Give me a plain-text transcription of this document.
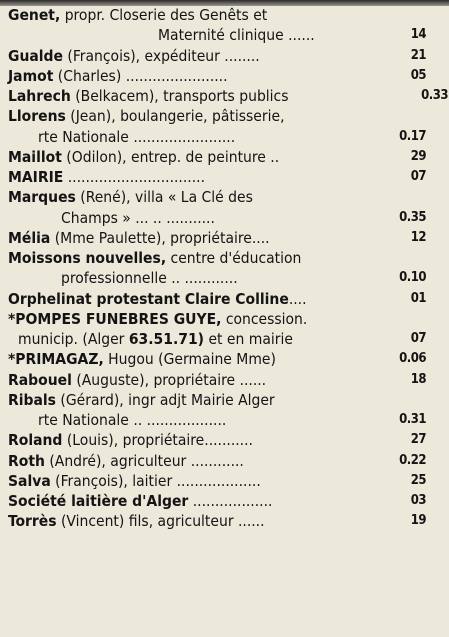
Genet, propr. Closerie des Genêts et
Maternité clinique ......	14
Gualde (François), expéditeur ........	21
Jamot (Charles) .......................	05
Lahrech (Belkacem), transports publics	0.33
Llorens (Jean), boulangerie, pâtisserie,
rte Nationale .......................	0.17
Maillot (Odilon), entrep. de peinture ..	29
MAIRIE ...............................	07
Marques (René), villa « La Clé des
Champs » ... .. ...........	0.35
Mélia (Mme Paulette), propriétaire....	12
Moissons nouvelles, centre d'éducation
professionnelle .. ............	0.10
Orphelinat protestant Claire Colline....	01
*POMPES FUNEBRES GUYE, concession.
municip. (Alger 63.51.71) et en mairie	07
*PRIMAGAZ, Hugou (Germaine Mme)	0.06
Rabouel (Auguste), propriétaire ......	18
Ribals (Gérard), ingr adjt Mairie Alger
rte Nationale .. ..................	0.31
Roland (Louis), propriétaire...........	27
Roth (André), agriculteur ............	0.22
Salva (François), laitier ...................	25
Société laitière d'Alger ..................	03
Torrès (Vincent) fils, agriculteur ......	19
